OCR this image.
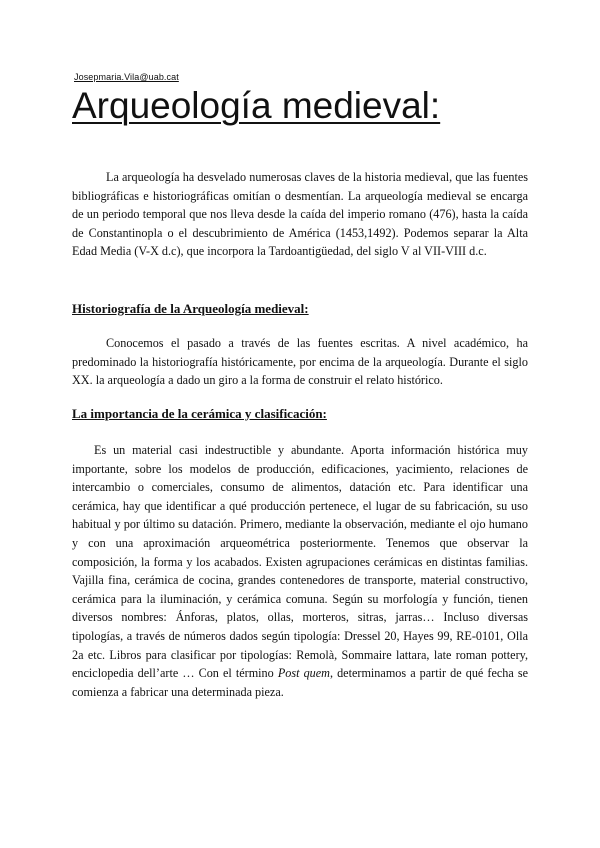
Josepmaria.Vila@uab.cat
Arqueología medieval:

La arqueología ha desvelado numerosas claves de la historia medieval, que las fuentes bibliográficas e historiográficas omitían o desmentían. La arqueología medieval se encarga de un periodo temporal que nos lleva desde la caída del imperio romano (476), hasta la caída de Constantinopla o el descubrimiento de América (1453,1492). Podemos separar la Alta Edad Media (V-X d.c), que incorpora la Tardoantigüedad, del siglo V al VII-VIII d.c.

Historiografía de la Arqueología medieval:

Conocemos el pasado a través de las fuentes escritas. A nivel académico, ha predominado la historiografía históricamente, por encima de la arqueología. Durante el siglo XX. la arqueología a dado un giro a la forma de construir el relato histórico.

La importancia de la cerámica y clasificación:

Es un material casi indestructible y abundante. Aporta información histórica muy importante, sobre los modelos de producción, edificaciones, yacimiento, relaciones de intercambio o comerciales, consumo de alimentos, datación etc. Para identificar una cerámica, hay que identificar a qué producción pertenece, el lugar de su fabricación, su uso habitual y por último su datación. Primero, mediante la observación, mediante el ojo humano y con una aproximación arqueométrica posteriormente. Tenemos que observar la composición, la forma y los acabados. Existen agrupaciones cerámicas en distintas familias. Vajilla fina, cerámica de cocina, grandes contenedores de transporte, material constructivo, cerámica para la iluminación, y cerámica comuna. Según su morfología y función, tienen diversos nombres: Ánforas, platos, ollas, morteros, sitras, jarras… Incluso diversas tipologías, a través de números dados según tipología: Dressel 20, Hayes 99, RE-0101, Olla 2a etc. Libros para clasificar por tipologías: Remolà, Sommaire lattara, late roman pottery, enciclopedia dell’arte … Con el término Post quem, determinamos a partir de qué fecha se comienza a fabricar una determinada pieza.
